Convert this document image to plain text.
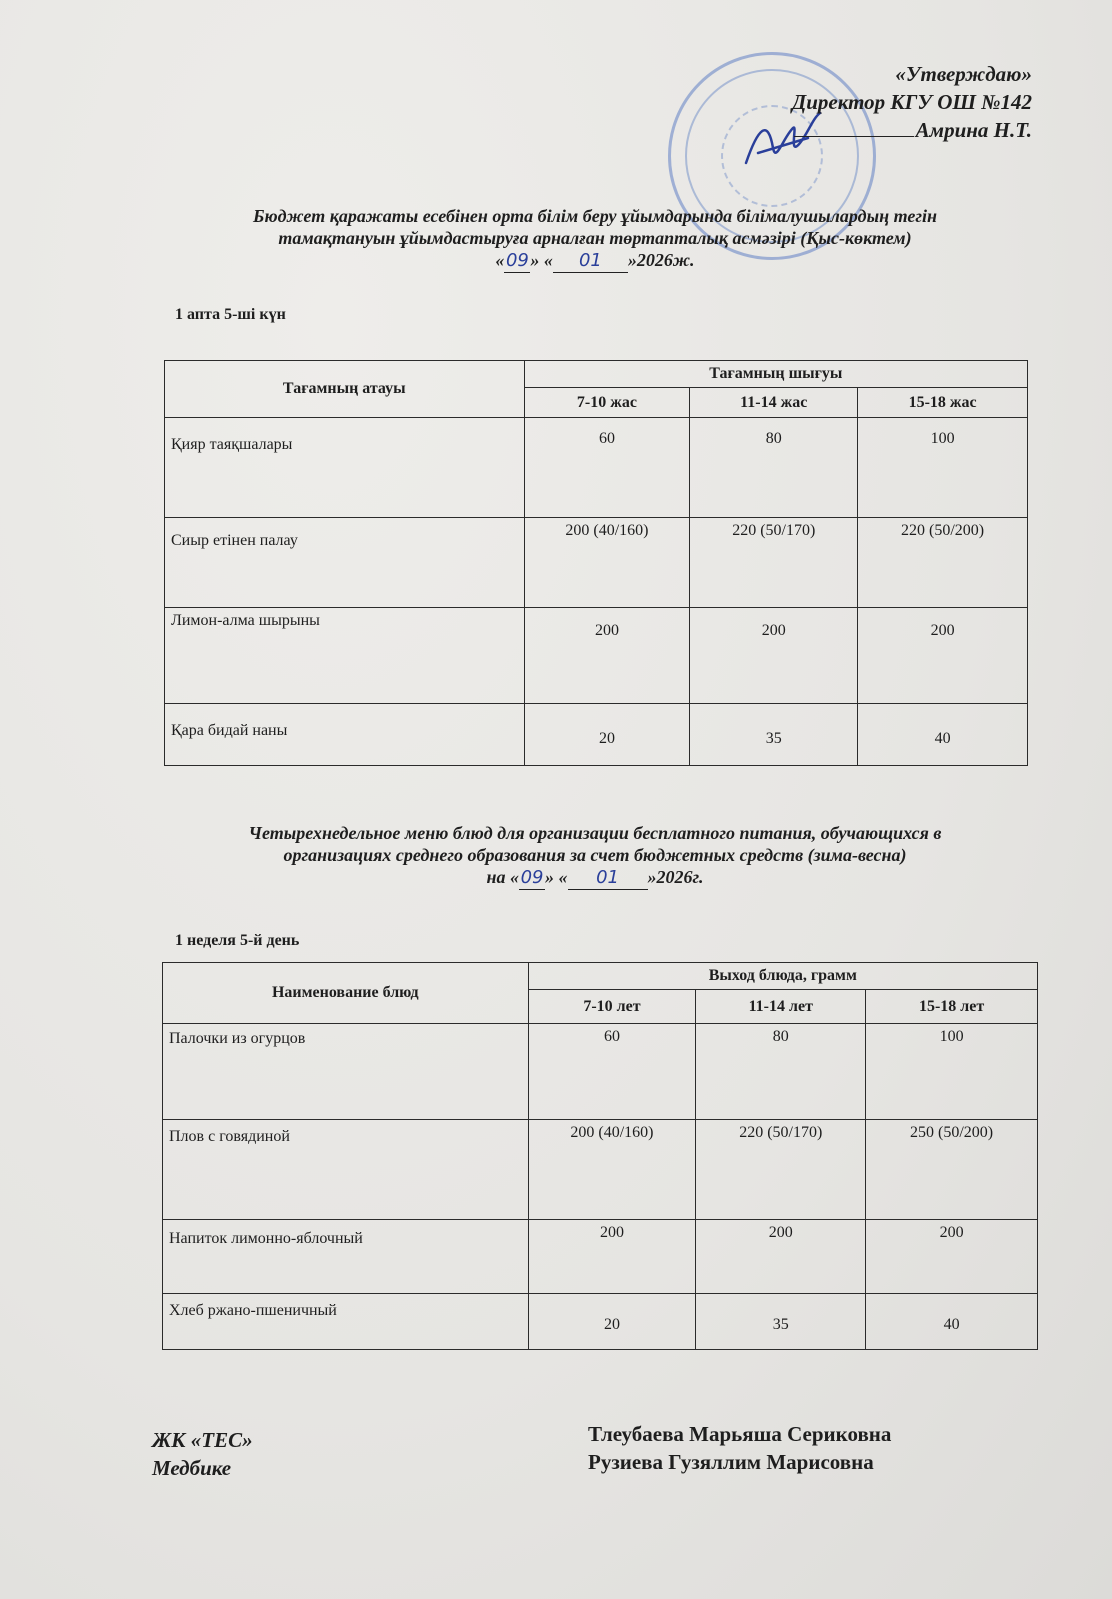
«Утверждаю»
Директор КГУ ОШ №142
Амрина Н.Т.
Бюджет қаражаты есебінен орта білім беру ұйымдарында білімалушылардың тегін
тамақтануын ұйымдастыруға арналған төртапталық асмәзірі (Қыс-көктем)
«09» « 01 »2026ж.
1 апта 5-ші күн
Тағамның атауы	Тағамның шығуы		
	7-10 жас	11-14 жас	15-18 жас
Қияр таяқшалары	60	80	100
Сиыр етінен палау	200 (40/160)	220 (50/170)	220 (50/200)
Лимон-алма шырыны	200	200	200
Қара бидай наны	20	35	40
Четырехнедельное меню блюд для организации бесплатного питания, обучающихся в
организациях среднего образования за счет бюджетных средств (зима-весна)
на «09» « 01 »2026г.
1 неделя 5-й день
Наименование блюд	Выход блюда, грамм		
	7-10 лет	11-14 лет	15-18 лет
Палочки из огурцов	60	80	100
Плов с говядиной	200 (40/160)	220 (50/170)	250 (50/200)
Напиток лимонно-яблочный	200	200	200
Хлеб ржано-пшеничный	20	35	40
ЖК «ТЕС»
Медбике
Тлеубаева Марьяша Сериковна
Рузиева Гузяллим Марисовна
